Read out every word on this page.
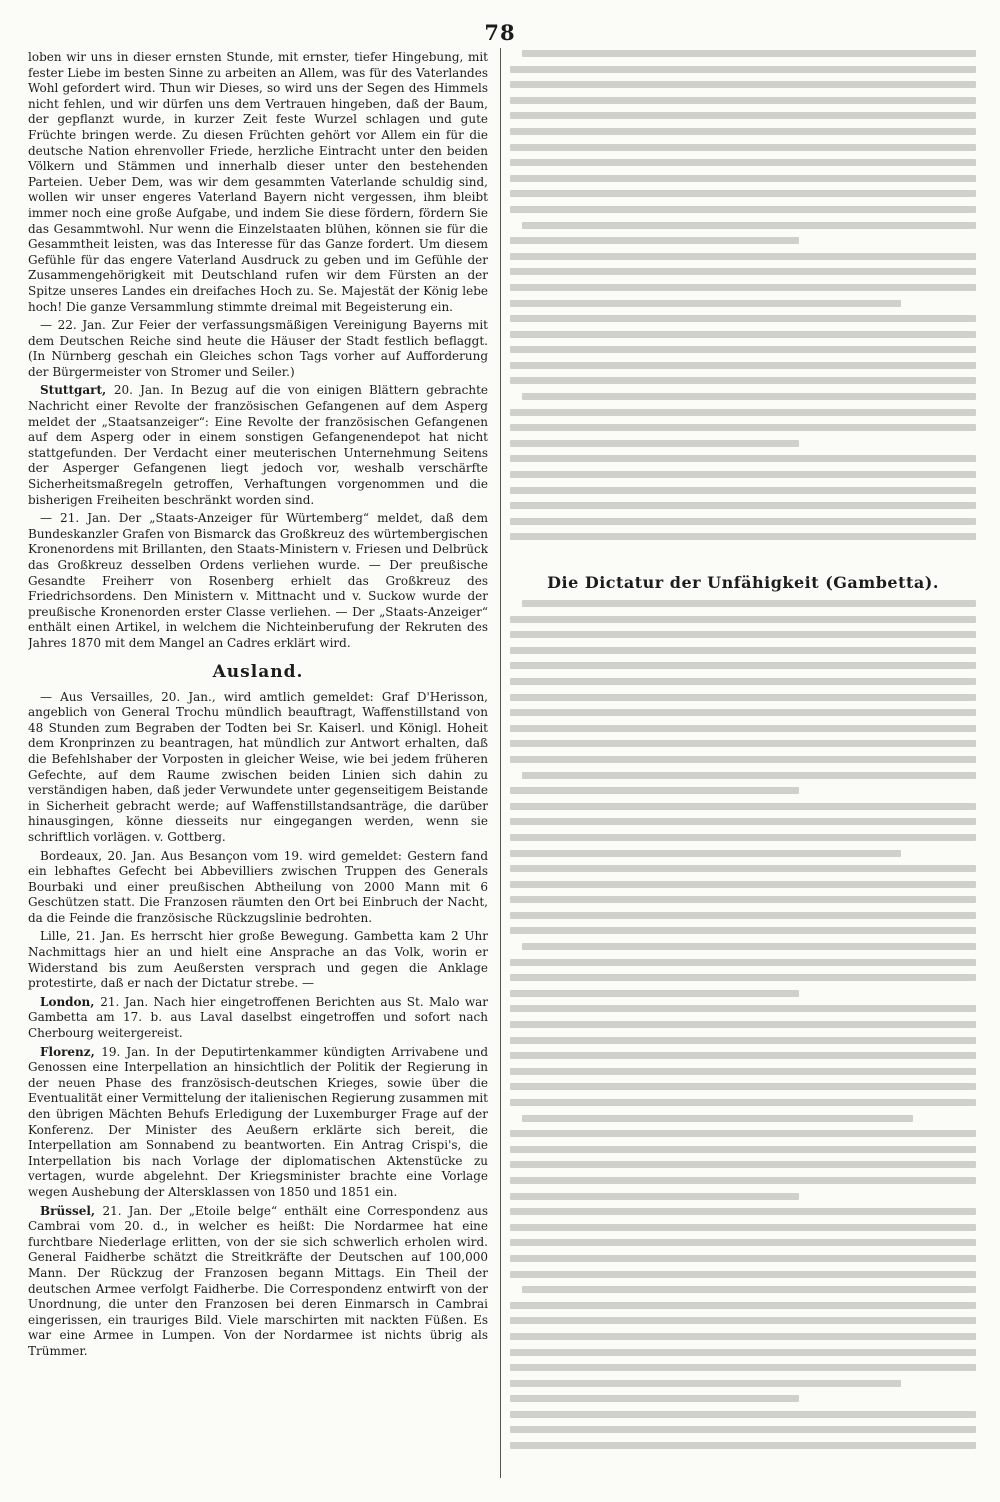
78

loben wir uns in dieser ernsten Stunde, mit ernster, tiefer Hingebung, mit fester Liebe im besten Sinne zu arbeiten an Allem, was für des Vaterlandes Wohl gefordert wird. Thun wir Dieses, so wird uns der Segen des Himmels nicht fehlen, und wir dürfen uns dem Vertrauen hingeben, daß der Baum, der gepflanzt wurde, in kurzer Zeit feste Wurzel schlagen und gute Früchte bringen werde. Zu diesen Früchten gehört vor Allem ein für die deutsche Nation ehrenvoller Friede, herzliche Eintracht unter den beiden Völkern und Stämmen und innerhalb dieser unter den bestehenden Parteien. Ueber Dem, was wir dem gesammten Vaterlande schuldig sind, wollen wir unser engeres Vaterland Bayern nicht vergessen, ihm bleibt immer noch eine große Aufgabe, und indem Sie diese fördern, fördern Sie das Gesammtwohl. Nur wenn die Einzelstaaten blühen, können sie für die Gesammtheit leisten, was das Interesse für das Ganze fordert. Um diesem Gefühle für das engere Vaterland Ausdruck zu geben und im Gefühle der Zusammengehörigkeit mit Deutschland rufen wir dem Fürsten an der Spitze unseres Landes ein dreifaches Hoch zu. Se. Majestät der König lebe hoch! Die ganze Versammlung stimmte dreimal mit Begeisterung ein.

— 22. Jan. Zur Feier der verfassungsmäßigen Vereinigung Bayerns mit dem Deutschen Reiche sind heute die Häuser der Stadt festlich beflaggt. (In Nürnberg geschah ein Gleiches schon Tags vorher auf Aufforderung der Bürgermeister von Stromer und Seiler.)

Stuttgart, 20. Jan. In Bezug auf die von einigen Blättern gebrachte Nachricht einer Revolte der französischen Gefangenen auf dem Asperg meldet der „Staatsanzeiger“: Eine Revolte der französischen Gefangenen auf dem Asperg oder in einem sonstigen Gefangenendepot hat nicht stattgefunden. Der Verdacht einer meuterischen Unternehmung Seitens der Asperger Gefangenen liegt jedoch vor, weshalb verschärfte Sicherheitsmaßregeln getroffen, Verhaftungen vorgenommen und die bisherigen Freiheiten beschränkt worden sind.

— 21. Jan. Der „Staats-Anzeiger für Würtemberg“ meldet, daß dem Bundeskanzler Grafen von Bismarck das Großkreuz des würtembergischen Kronenordens mit Brillanten, den Staats-Ministern v. Friesen und Delbrück das Großkreuz desselben Ordens verliehen wurde. — Der preußische Gesandte Freiherr von Rosenberg erhielt das Großkreuz des Friedrichsordens. Den Ministern v. Mittnacht und v. Suckow wurde der preußische Kronenorden erster Classe verliehen. — Der „Staats-Anzeiger“ enthält einen Artikel, in welchem die Nichteinberufung der Rekruten des Jahres 1870 mit dem Mangel an Cadres erklärt wird.

Ausland.

— Aus Versailles, 20. Jan., wird amtlich gemeldet: Graf D'Herisson, angeblich von General Trochu mündlich beauftragt, Waffenstillstand von 48 Stunden zum Begraben der Todten bei Sr. Kaiserl. und Königl. Hoheit dem Kronprinzen zu beantragen, hat mündlich zur Antwort erhalten, daß die Befehlshaber der Vorposten in gleicher Weise, wie bei jedem früheren Gefechte, auf dem Raume zwischen beiden Linien sich dahin zu verständigen haben, daß jeder Verwundete unter gegenseitigem Beistande in Sicherheit gebracht werde; auf Waffenstillstandsanträge, die darüber hinausgingen, könne diesseits nur eingegangen werden, wenn sie schriftlich vorlägen. v. Gottberg.

Bordeaux, 20. Jan. Aus Besançon vom 19. wird gemeldet: Gestern fand ein lebhaftes Gefecht bei Abbevilliers zwischen Truppen des Generals Bourbaki und einer preußischen Abtheilung von 2000 Mann mit 6 Geschützen statt. Die Franzosen räumten den Ort bei Einbruch der Nacht, da die Feinde die französische Rückzugslinie bedrohten.

Lille, 21. Jan. Es herrscht hier große Bewegung. Gambetta kam 2 Uhr Nachmittags hier an und hielt eine Ansprache an das Volk, worin er Widerstand bis zum Aeußersten versprach und gegen die Anklage protestirte, daß er nach der Dictatur strebe. —

London, 21. Jan. Nach hier eingetroffenen Berichten aus St. Malo war Gambetta am 17. b. aus Laval daselbst eingetroffen und sofort nach Cherbourg weitergereist.

Florenz, 19. Jan. In der Deputirtenkammer kündigten Arrivabene und Genossen eine Interpellation an hinsichtlich der Politik der Regierung in der neuen Phase des französisch-deutschen Krieges, sowie über die Eventualität einer Vermittelung der italienischen Regierung zusammen mit den übrigen Mächten Behufs Erledigung der Luxemburger Frage auf der Konferenz. Der Minister des Aeußern erklärte sich bereit, die Interpellation am Sonnabend zu beantworten. Ein Antrag Crispi's, die Interpellation bis nach Vorlage der diplomatischen Aktenstücke zu vertagen, wurde abgelehnt. Der Kriegsminister brachte eine Vorlage wegen Aushebung der Altersklassen von 1850 und 1851 ein.

Brüssel, 21. Jan. Der „Etoile belge“ enthält eine Correspondenz aus Cambrai vom 20. d., in welcher es heißt: Die Nordarmee hat eine furchtbare Niederlage erlitten, von der sie sich schwerlich erholen wird. General Faidherbe schätzt die Streitkräfte der Deutschen auf 100,000 Mann. Der Rückzug der Franzosen begann Mittags. Ein Theil der deutschen Armee verfolgt Faidherbe. Die Correspondenz entwirft von der Unordnung, die unter den Franzosen bei deren Einmarsch in Cambrai eingerissen, ein trauriges Bild. Viele marschirten mit nackten Füßen. Es war eine Armee in Lumpen. Von der Nordarmee ist nichts übrig als Trümmer.

Die Dictatur der Unfähigkeit (Gambetta).
